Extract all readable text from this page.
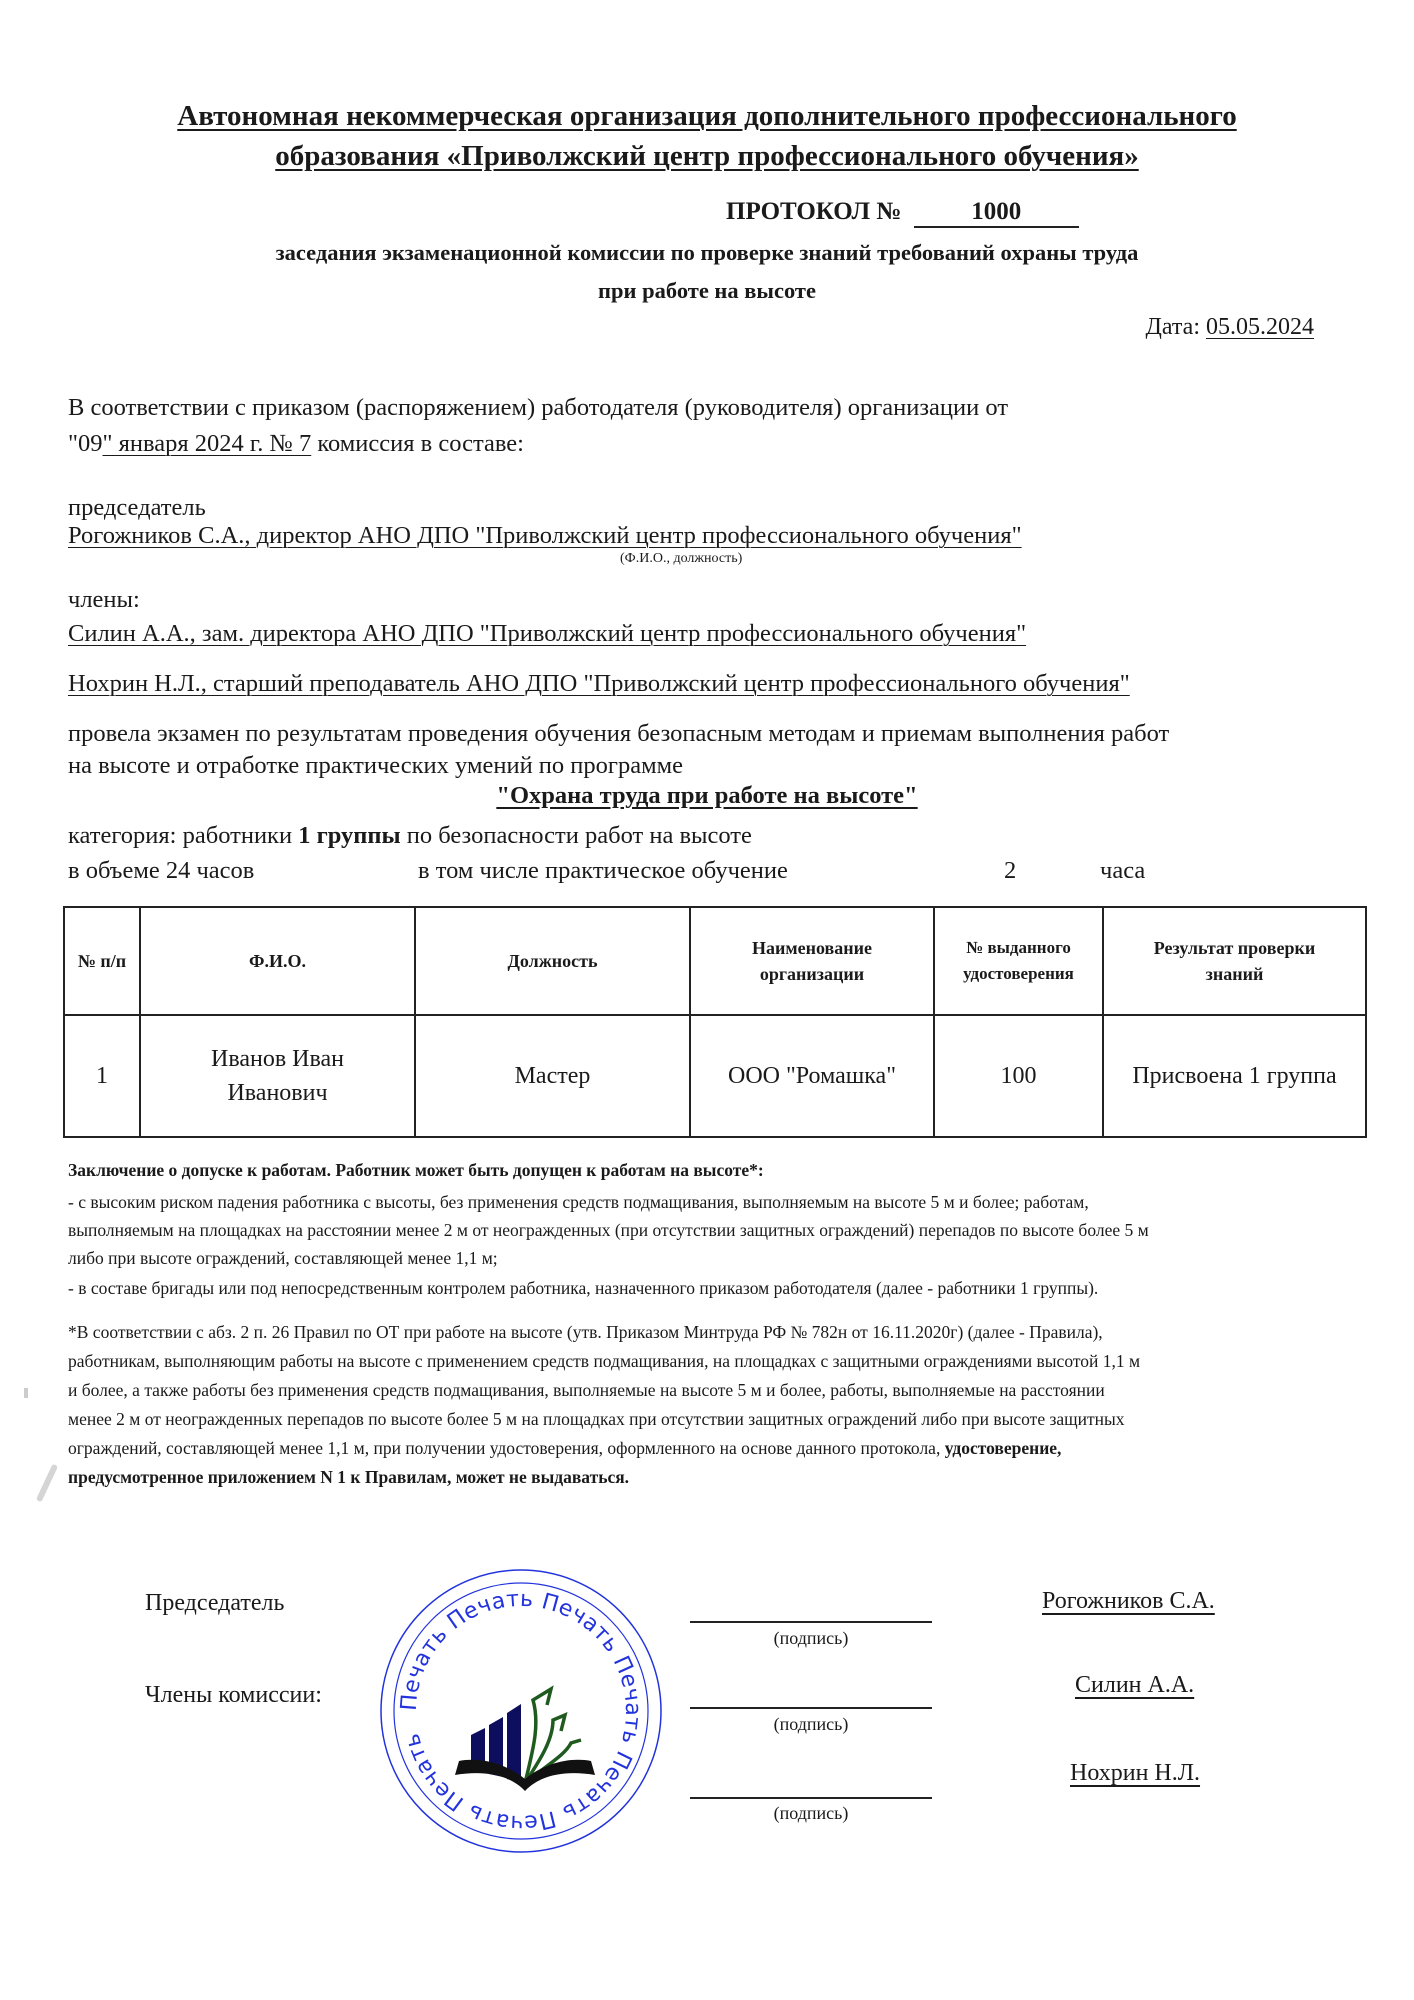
Автономная некоммерческая организация дополнительного профессионального
образования «Приволжский центр профессионального обучения»
ПРОТОКОЛ №	1000
заседания экзаменационной комиссии по проверке знаний требований охраны труда
при работе на высоте
Дата: 05.05.2024
В соответствии с приказом (распоряжением) работодателя (руководителя) организации от
"09" января 2024 г. № 7 комиссия в составе:
председатель
Рогожников С.А., директор АНО ДПО "Приволжский центр профессионального обучения"
(Ф.И.О., должность)
члены:
Силин А.А., зам. директора АНО ДПО "Приволжский центр профессионального обучения"
Нохрин Н.Л., старший преподаватель АНО ДПО "Приволжский центр профессионального обучения"
провела экзамен по результатам проведения обучения безопасным методам и приемам выполнения работ
на высоте и отработке практических умений по программе
"Охрана труда при работе на высоте"
категория: работники 1 группы по безопасности работ на высоте
в объеме 24 часов	в том числе практическое обучение	2	часа
№ п/п	Ф.И.О.	Должность	Наименование организации	№ выданного удостоверения	Результат проверки знаний
1	Иванов Иван Иванович	Мастер	ООО "Ромашка"	100	Присвоена 1 группа
Заключение о допуске к работам. Работник может быть допущен к работам на высоте*:
- с высоким риском падения работника с высоты, без применения средств подмащивания, выполняемым на высоте 5 м и более; работам,
выполняемым на площадках на расстоянии менее 2 м от неогражденных (при отсутствии защитных ограждений) перепадов по высоте более 5 м
либо при высоте ограждений, составляющей менее 1,1 м;
- в составе бригады или под непосредственным контролем работника, назначенного приказом работодателя (далее - работники 1 группы).
*В соответствии с абз. 2 п. 26 Правил по ОТ при работе на высоте (утв. Приказом Минтруда РФ № 782н от 16.11.2020г) (далее - Правила),
работникам, выполняющим работы на высоте с применением средств подмащивания, на площадках с защитными ограждениями высотой 1,1 м
и более, а также работы без применения средств подмащивания, выполняемые на высоте 5 м и более, работы, выполняемые на расстоянии
менее 2 м от неогражденных перепадов по высоте более 5 м на площадках при отсутствии защитных ограждений либо при высоте защитных
ограждений, составляющей менее 1,1 м, при получении удостоверения, оформленного на основе данного протокола, удостоверение,
предусмотренное приложением N 1 к Правилам, может не выдаваться.
Председатель
Члены комиссии:
(подпись)
(подпись)
(подпись)
Рогожников С.А.
Силин А.А.
Нохрин Н.Л.
Печать Печать Печать Печать Печать Печать Печать
